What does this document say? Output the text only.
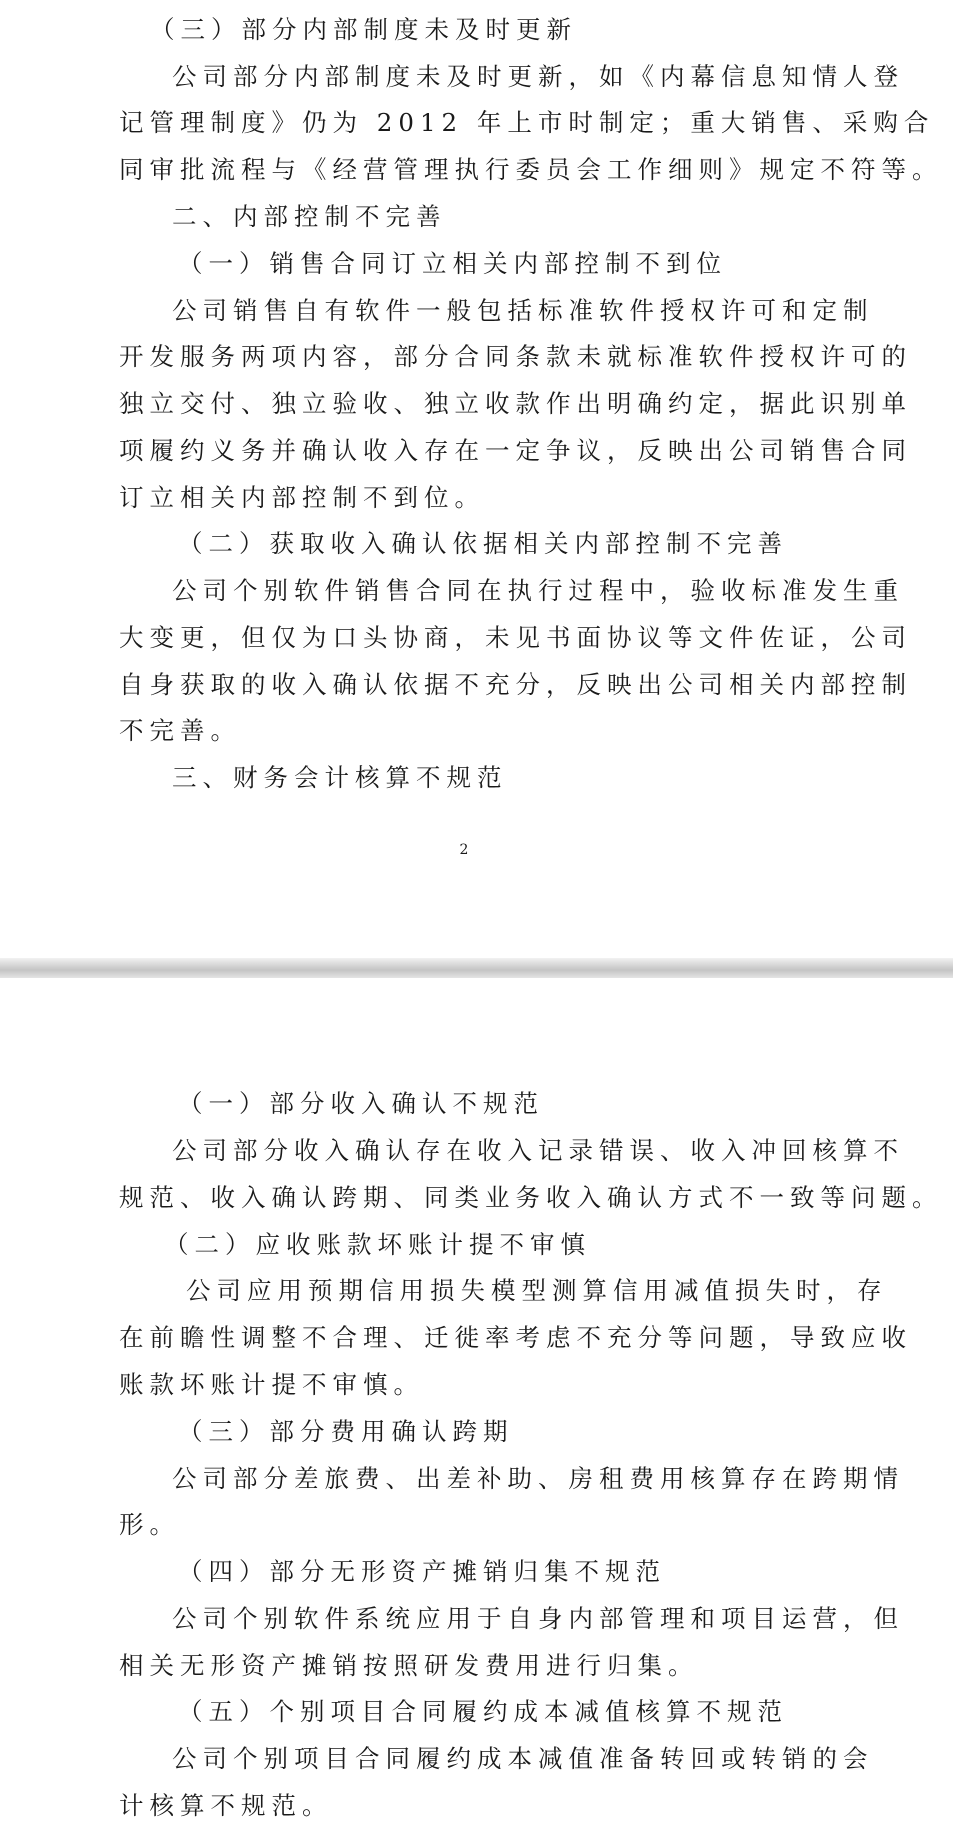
（三）部分内部制度未及时更新
公司部分内部制度未及时更新，如《内幕信息知情人登
记管理制度》仍为 2012 年上市时制定；重大销售、采购合
同审批流程与《经营管理执行委员会工作细则》规定不符等。
二、内部控制不完善
（一）销售合同订立相关内部控制不到位
公司销售自有软件一般包括标准软件授权许可和定制
开发服务两项内容，部分合同条款未就标准软件授权许可的
独立交付、独立验收、独立收款作出明确约定，据此识别单
项履约义务并确认收入存在一定争议，反映出公司销售合同
订立相关内部控制不到位。
（二）获取收入确认依据相关内部控制不完善
公司个别软件销售合同在执行过程中，验收标准发生重
大变更，但仅为口头协商，未见书面协议等文件佐证，公司
自身获取的收入确认依据不充分，反映出公司相关内部控制
不完善。
三、财务会计核算不规范
2
（一）部分收入确认不规范
公司部分收入确认存在收入记录错误、收入冲回核算不
规范、收入确认跨期、同类业务收入确认方式不一致等问题。
（二）应收账款坏账计提不审慎
公司应用预期信用损失模型测算信用减值损失时，存
在前瞻性调整不合理、迁徙率考虑不充分等问题，导致应收
账款坏账计提不审慎。
（三）部分费用确认跨期
公司部分差旅费、出差补助、房租费用核算存在跨期情
形。
（四）部分无形资产摊销归集不规范
公司个别软件系统应用于自身内部管理和项目运营，但
相关无形资产摊销按照研发费用进行归集。
（五）个别项目合同履约成本减值核算不规范
公司个别项目合同履约成本减值准备转回或转销的会
计核算不规范。
